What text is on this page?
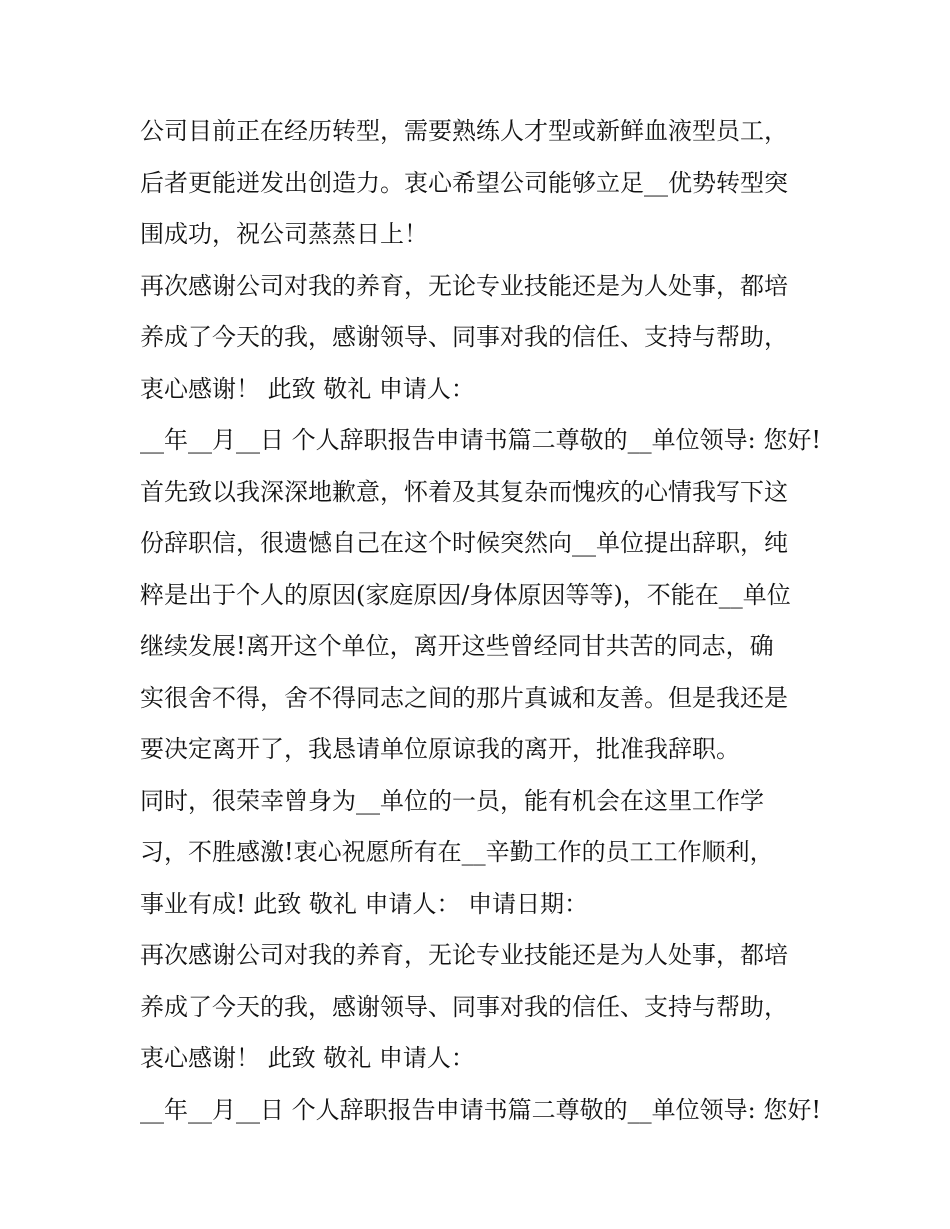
公司目前正在经历转型，需要熟练人才型或新鲜血液型员工，
后者更能迸发出创造力。衷心希望公司能够立足__优势转型突
围成功，祝公司蒸蒸日上！
再次感谢公司对我的养育，无论专业技能还是为人处事，都培
养成了今天的我，感谢领导、同事对我的信任、支持与帮助，
衷心感谢！ 此致 敬礼 申请人：
__年__月__日 个人辞职报告申请书篇二尊敬的__单位领导: 您好!
首先致以我深深地歉意，怀着及其复杂而愧疚的心情我写下这
份辞职信，很遗憾自己在这个时候突然向__单位提出辞职，纯
粹是出于个人的原因(家庭原因/身体原因等等)，不能在__单位
继续发展!离开这个单位，离开这些曾经同甘共苦的同志，确
实很舍不得，舍不得同志之间的那片真诚和友善。但是我还是
要决定离开了，我恳请单位原谅我的离开，批准我辞职。
同时，很荣幸曾身为__单位的一员，能有机会在这里工作学
习，不胜感激!衷心祝愿所有在__辛勤工作的员工工作顺利，
事业有成! 此致 敬礼 申请人： 申请日期：
再次感谢公司对我的养育，无论专业技能还是为人处事，都培
养成了今天的我，感谢领导、同事对我的信任、支持与帮助，
衷心感谢！ 此致 敬礼 申请人：
__年__月__日 个人辞职报告申请书篇二尊敬的__单位领导: 您好!
